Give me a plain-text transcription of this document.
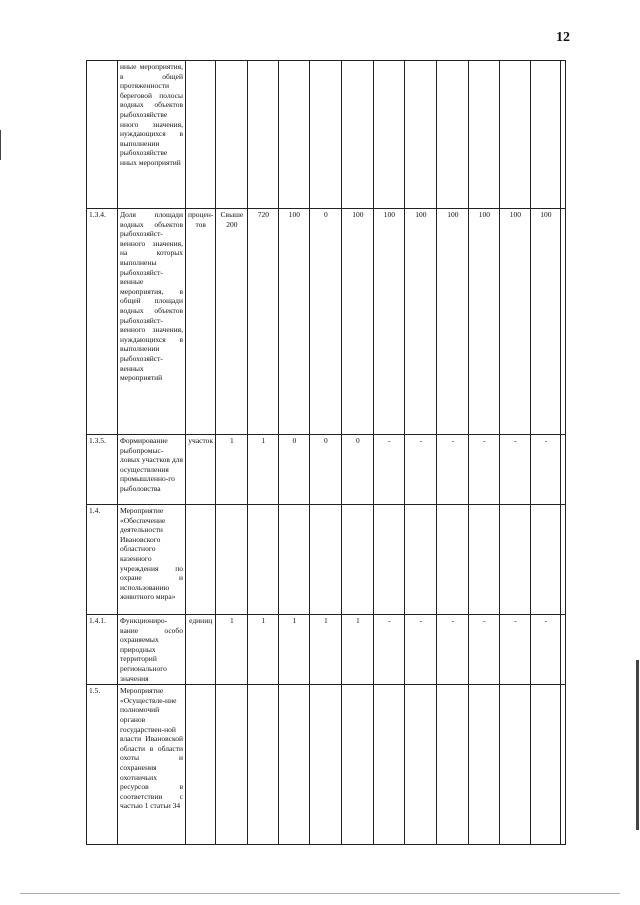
12
	иные мероприятия, в общей протяженности береговой полосы водных объектов рыбохозяйстве нного значения, нуждающихся в выполнении рыбохозяйстве нных мероприятий													
1.3.4.	Доля площади водных объектов рыбохозяйст-венного значения, на которых выполнены рыбохозяйст-венные мероприятия, в общей площади водных объектов рыбохозяйст-венного значения, нуждающихся в выполнении рыбохозяйст-венных мероприятий	процен-тов	Свыше 200	720	100	0	100	100	100	100	100	100	100	
1.3.5.	Формирование рыбопромыс-ловых участков для осуществления промышленно-го рыболовства	участок	1	1	0	0	0	-	-	-	-	-	-	
1.4.	Мероприятие «Обеспечение деятельности Ивановского областного казенного учреждения по охране и использованию животного мира»													
1.4.1.	Функциониро-вание особо охраняемых природных территорий регионального значения	единиц	1	1	1	1	1	-	-	-	-	-	-	
1.5.	Мероприятие «Осуществле-ние полномочий органов государствен-ной власти Ивановской области в области охоты и сохранения охотничьих ресурсов в соответствии с частью 1 статьи 34													
